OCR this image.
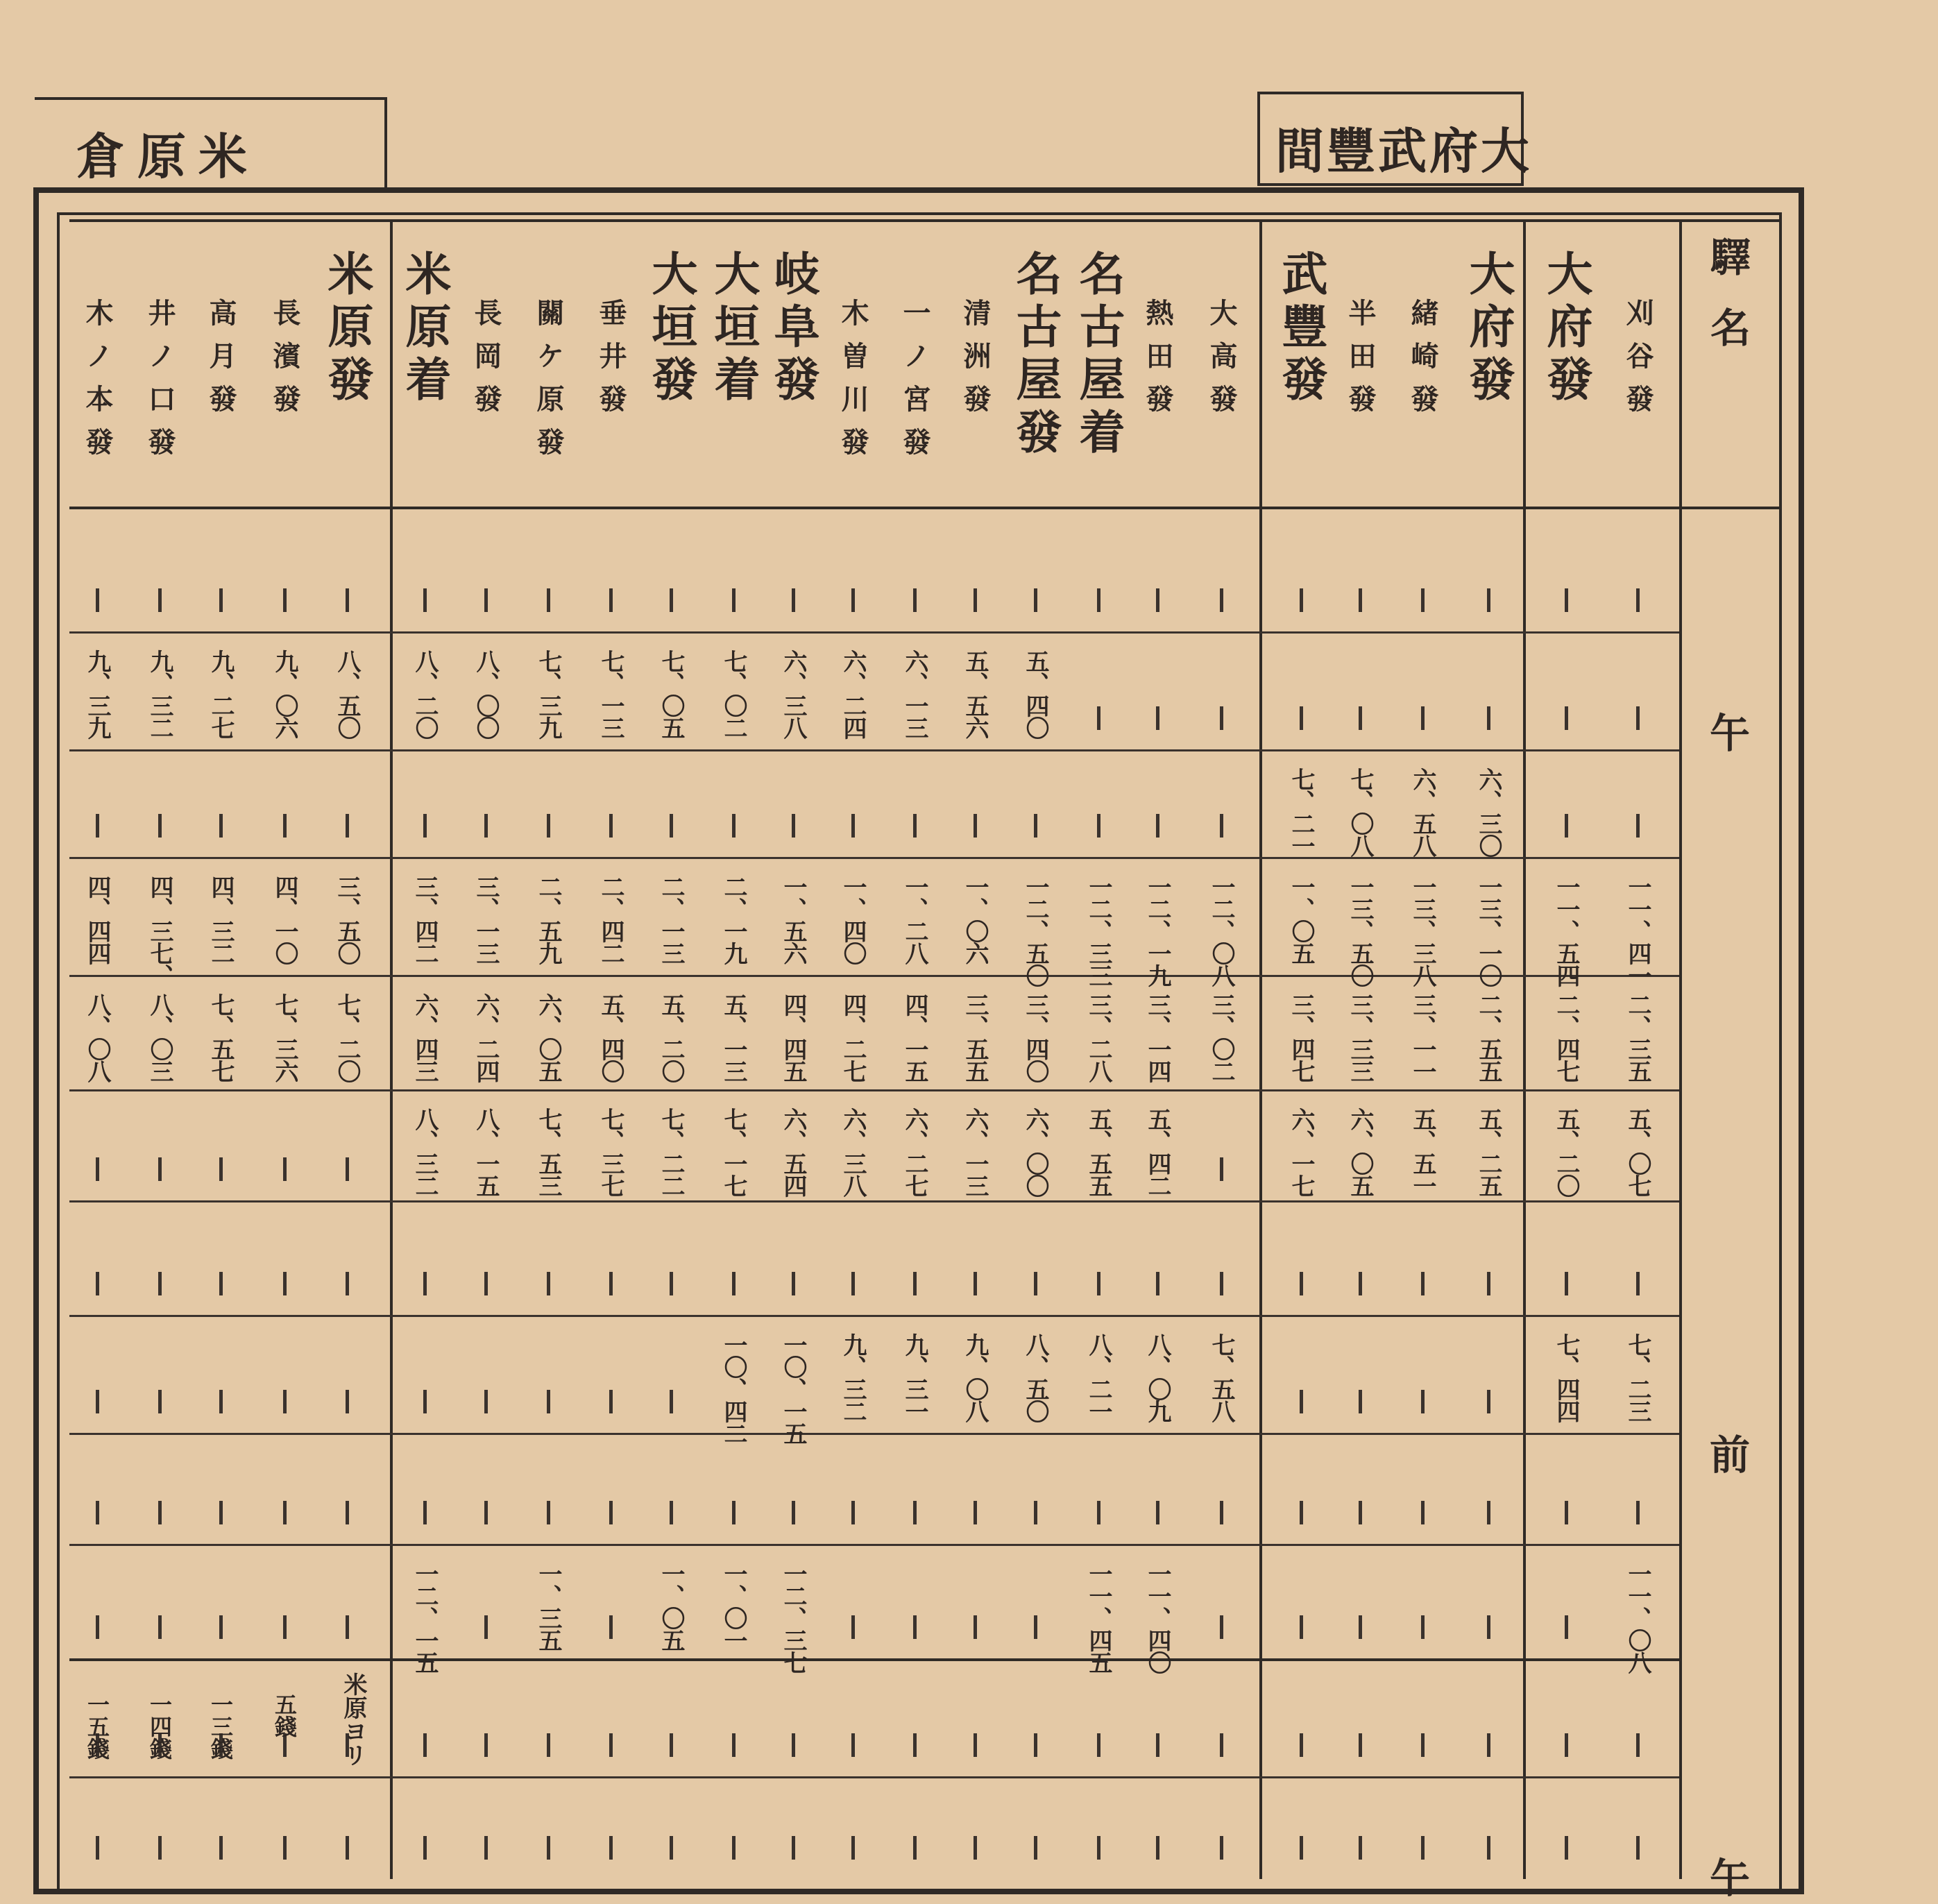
米原倉	大府武豐間
驛名
午
前
午
刈谷發
大府發
大府發
緒崎發
半田發
武豐發
大高發
熱田發
名古屋着
名古屋發
清洲發
一ノ宮發
木曽川發
岐阜發
大垣着
大垣發
垂井發
關ケ原發
長岡發
米原着
米原發
長濱發
高月發
井ノ口發
木ノ本發
五、四〇
五、五六
六、一三
六、二四
六、三八
七、〇二
七、〇五
七、一三
七、三九
八、〇〇
八、二〇
八、五〇
九、〇六
九、二七
九、三二
九、三九
六、三〇
六、五八
七、〇八
七、二一
一一、四一
一一、五四
一三、一〇
一三、三八
一三、五〇
一、〇五
一二、〇八
一二、一九
一二、三三
一二、五〇
一、〇六
一、二八
一、四〇
一、五六
二、一九
二、一三
二、四二
二、五九
三、一三
三、四二
三、五〇
四、一〇
四、三二
四、三七、
四、四四
二、三五
二、四七
二、五五
三、一一
三、三三
三、四七
三、〇二
三、一四
三、二八
三、四〇
三、五五
四、一五
四、二七
四、四五
五、一三
五、二〇
五、四〇
六、〇五
六、二四
六、四三
七、二〇
七、三六
七、五七
八、〇三
八、〇八
五、〇七
五、二〇
五、二五
五、五一
六、〇五
六、一七
五、四二
五、五五
六、〇〇
六、一三
六、二七
六、三八
六、五四
七、一七
七、二二
七、三七
七、五三
八、一五
八、三二
七、二三
七、四四
七、五八
八、〇九
八、二一
八、五〇
九、〇八
九、三一
九、三二
一〇、一五
一〇、四二
一一、〇八
一一、四〇
一一、四五
一二、三七
一、〇一
一、〇五
一、三五
一二、一五
米原ヨリ
五錢
一三錢
一四錢
一五錢
